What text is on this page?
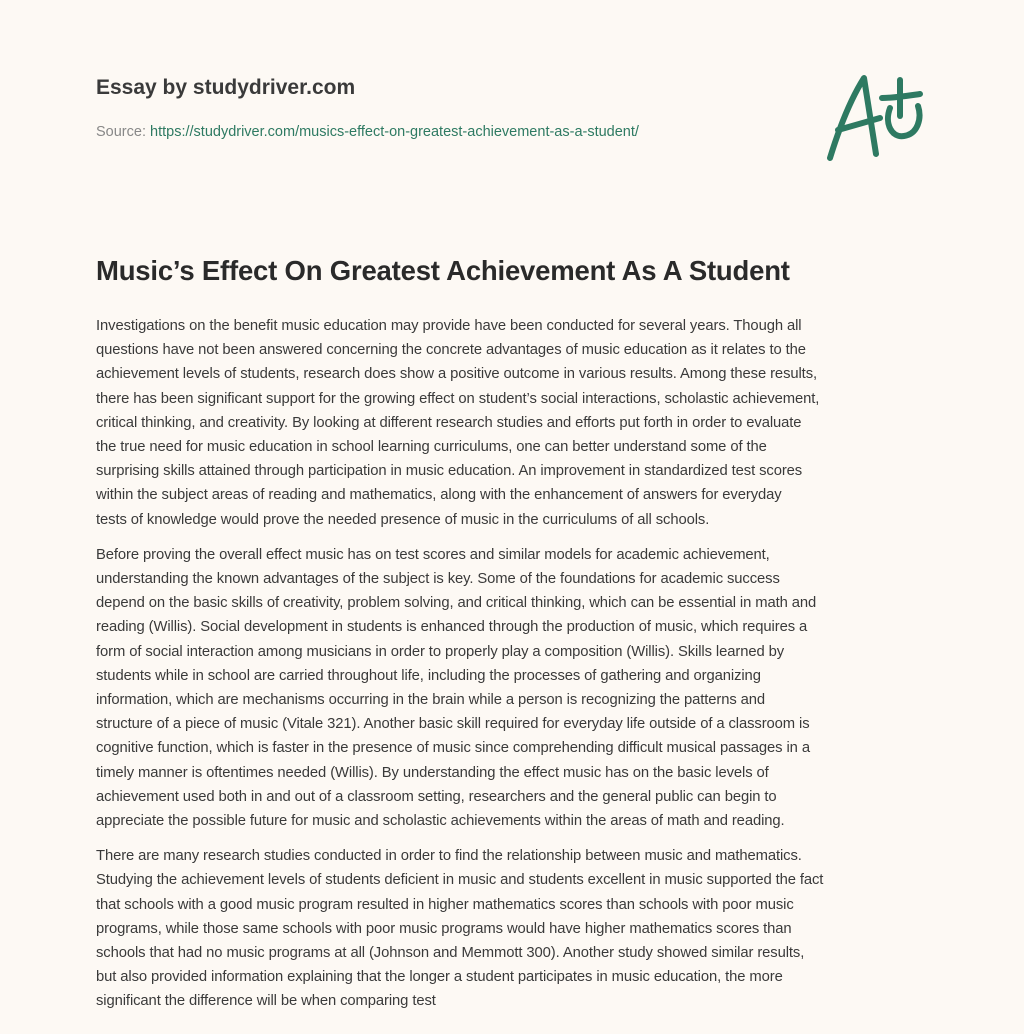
Essay by studydriver.com
Source: https://studydriver.com/musics-effect-on-greatest-achievement-as-a-student/
Music’s Effect On Greatest Achievement As A Student

Investigations on the benefit music education may provide have been conducted for several years. Though all
questions have not been answered concerning the concrete advantages of music education as it relates to the
achievement levels of students, research does show a positive outcome in various results. Among these results,
there has been significant support for the growing effect on student’s social interactions, scholastic achievement,
critical thinking, and creativity. By looking at different research studies and efforts put forth in order to evaluate
the true need for music education in school learning curriculums, one can better understand some of the
surprising skills attained through participation in music education. An improvement in standardized test scores
within the subject areas of reading and mathematics, along with the enhancement of answers for everyday
tests of knowledge would prove the needed presence of music in the curriculums of all schools.

Before proving the overall effect music has on test scores and similar models for academic achievement,
understanding the known advantages of the subject is key. Some of the foundations for academic success
depend on the basic skills of creativity, problem solving, and critical thinking, which can be essential in math and
reading (Willis). Social development in students is enhanced through the production of music, which requires a
form of social interaction among musicians in order to properly play a composition (Willis). Skills learned by
students while in school are carried throughout life, including the processes of gathering and organizing
information, which are mechanisms occurring in the brain while a person is recognizing the patterns and
structure of a piece of music (Vitale 321). Another basic skill required for everyday life outside of a classroom is
cognitive function, which is faster in the presence of music since comprehending difficult musical passages in a
timely manner is oftentimes needed (Willis). By understanding the effect music has on the basic levels of
achievement used both in and out of a classroom setting, researchers and the general public can begin to
appreciate the possible future for music and scholastic achievements within the areas of math and reading.

There are many research studies conducted in order to find the relationship between music and mathematics.
Studying the achievement levels of students deficient in music and students excellent in music supported the fact
that schools with a good music program resulted in higher mathematics scores than schools with poor music
programs, while those same schools with poor music programs would have higher mathematics scores than
schools that had no music programs at all (Johnson and Memmott 300). Another study showed similar results,
but also provided information explaining that the longer a student participates in music education, the more
significant the difference will be when comparing test
